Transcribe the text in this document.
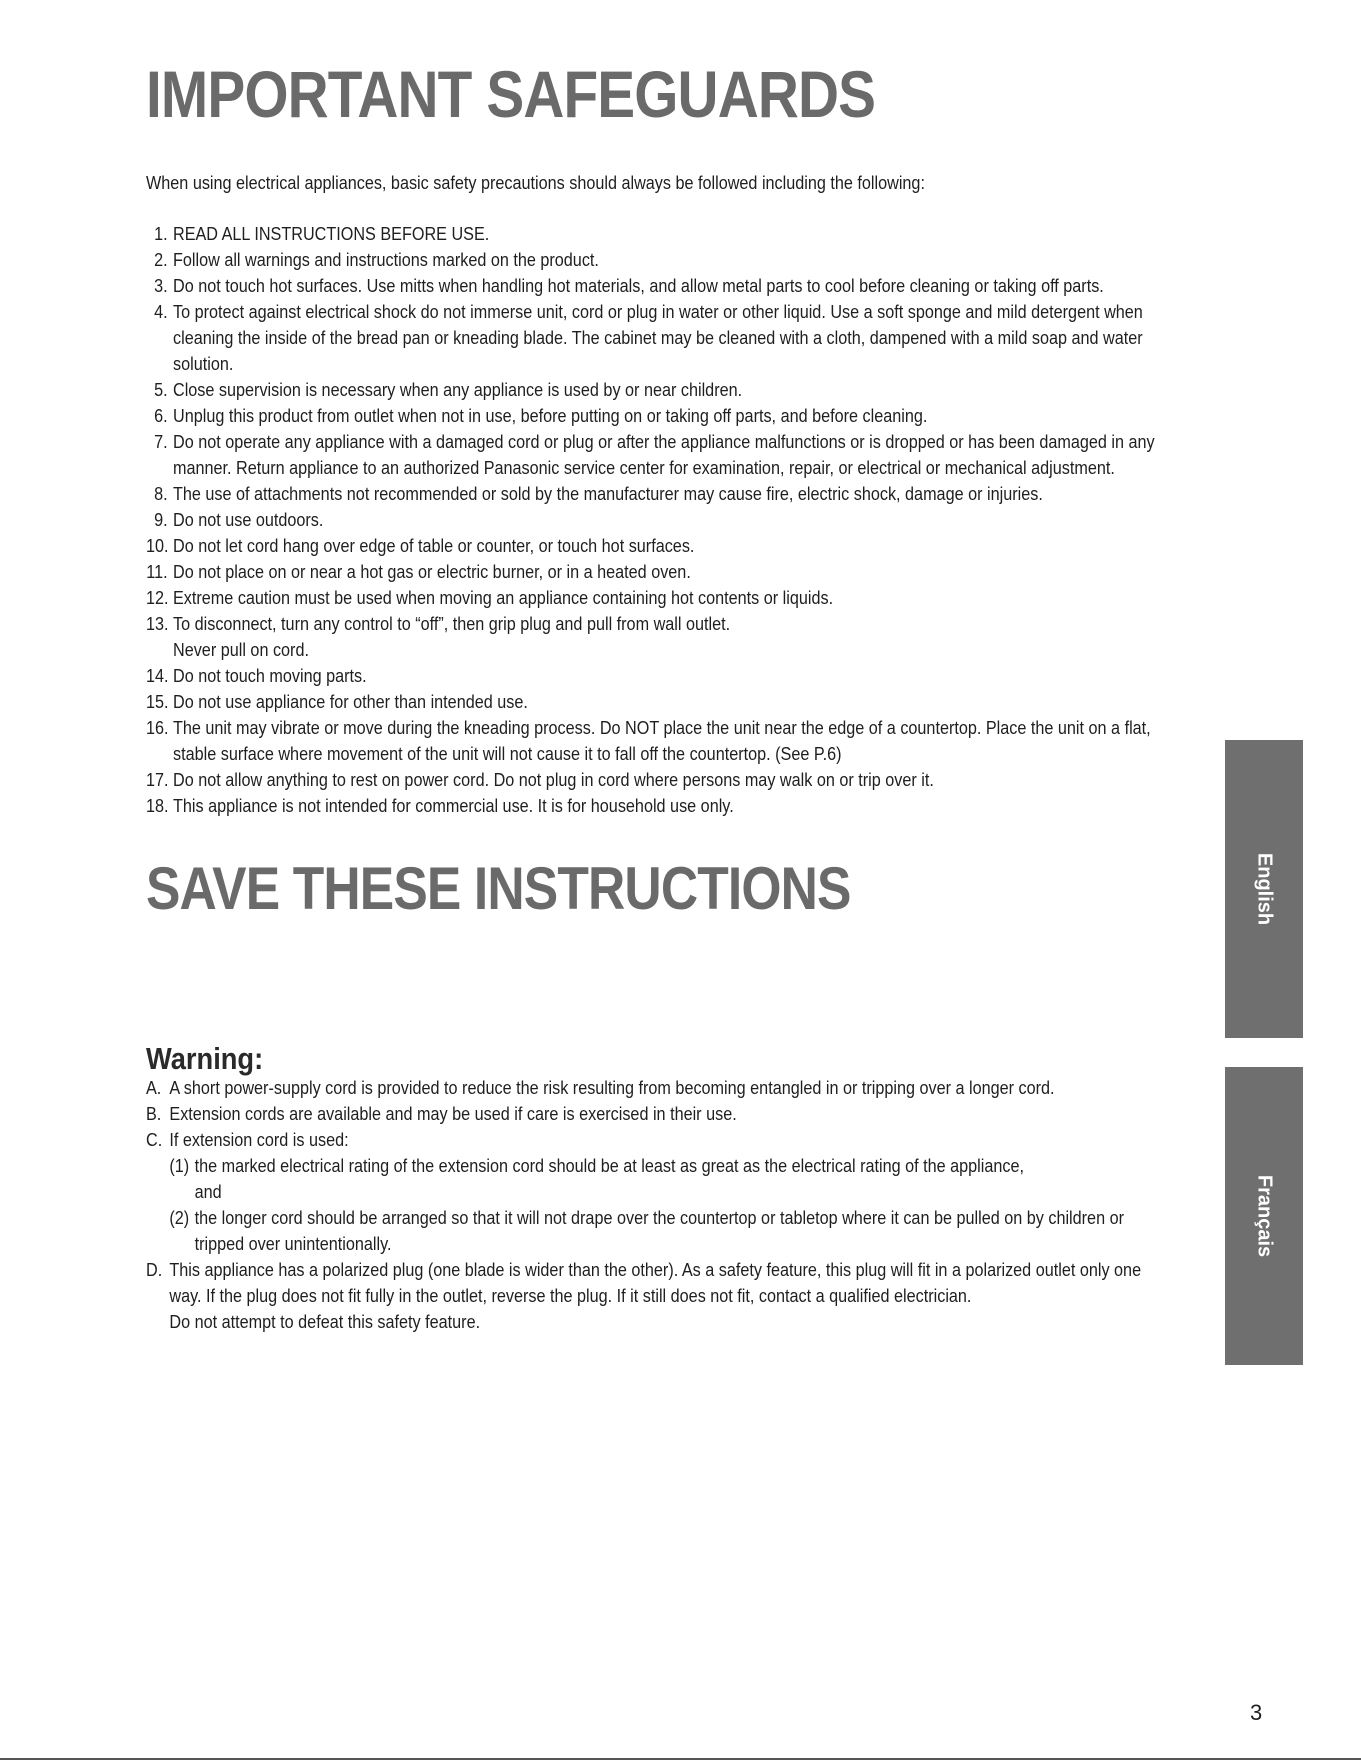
IMPORTANT SAFEGUARDS

When using electrical appliances, basic safety precautions should always be followed including the following:

1. READ ALL INSTRUCTIONS BEFORE USE.
2. Follow all warnings and instructions marked on the product.
3. Do not touch hot surfaces. Use mitts when handling hot materials, and allow metal parts to cool before cleaning or taking off parts.
4. To protect against electrical shock do not immerse unit, cord or plug in water or other liquid. Use a soft sponge and mild detergent when
cleaning the inside of the bread pan or kneading blade. The cabinet may be cleaned with a cloth, dampened with a mild soap and water
solution.
5. Close supervision is necessary when any appliance is used by or near children.
6. Unplug this product from outlet when not in use, before putting on or taking off parts, and before cleaning.
7. Do not operate any appliance with a damaged cord or plug or after the appliance malfunctions or is dropped or has been damaged in any
manner. Return appliance to an authorized Panasonic service center for examination, repair, or electrical or mechanical adjustment.
8. The use of attachments not recommended or sold by the manufacturer may cause fire, electric shock, damage or injuries.
9. Do not use outdoors.
10. Do not let cord hang over edge of table or counter, or touch hot surfaces.
11. Do not place on or near a hot gas or electric burner, or in a heated oven.
12. Extreme caution must be used when moving an appliance containing hot contents or liquids.
13. To disconnect, turn any control to “off”, then grip plug and pull from wall outlet.
Never pull on cord.
14. Do not touch moving parts.
15. Do not use appliance for other than intended use.
16. The unit may vibrate or move during the kneading process. Do NOT place the unit near the edge of a countertop. Place the unit on a flat,
stable surface where movement of the unit will not cause it to fall off the countertop. (See P.6)
17. Do not allow anything to rest on power cord. Do not plug in cord where persons may walk on or trip over it.
18. This appliance is not intended for commercial use. It is for household use only.
SAVE THESE INSTRUCTIONS
Warning:
A. A short power-supply cord is provided to reduce the risk resulting from becoming entangled in or tripping over a longer cord.
B. Extension cords are available and may be used if care is exercised in their use.
C. If extension cord is used:
(1) the marked electrical rating of the extension cord should be at least as great as the electrical rating of the appliance,
and
(2) the longer cord should be arranged so that it will not drape over the countertop or tabletop where it can be pulled on by children or
tripped over unintentionally.
D. This appliance has a polarized plug (one blade is wider than the other). As a safety feature, this plug will fit in a polarized outlet only one
way. If the plug does not fit fully in the outlet, reverse the plug. If it still does not fit, contact a qualified electrician.
Do not attempt to defeat this safety feature.
English
Français
3
